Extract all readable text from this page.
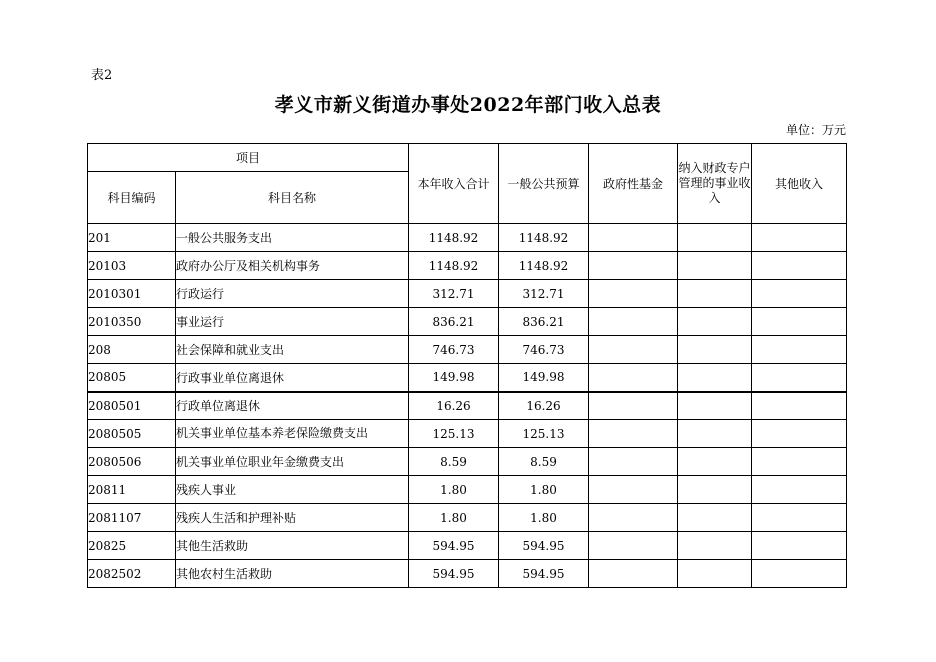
表2
孝义市新义街道办事处2022年部门收入总表
单位：万元
项目		本年收入合计	一般公共预算	政府性基金	纳入财政专户管理的事业收入	其他收入
科目编码	科目名称					
201	一般公共服务支出	1148.92	1148.92			
20103	政府办公厅及相关机构事务	1148.92	1148.92			
2010301	行政运行	312.71	312.71			
2010350	事业运行	836.21	836.21			
208	社会保障和就业支出	746.73	746.73			
20805	行政事业单位离退休	149.98	149.98			
2080501	行政单位离退休	16.26	16.26			
2080505	机关事业单位基本养老保险缴费支出	125.13	125.13			
2080506	机关事业单位职业年金缴费支出	8.59	8.59			
20811	残疾人事业	1.80	1.80			
2081107	残疾人生活和护理补贴	1.80	1.80			
20825	其他生活救助	594.95	594.95			
2082502	其他农村生活救助	594.95	594.95			
